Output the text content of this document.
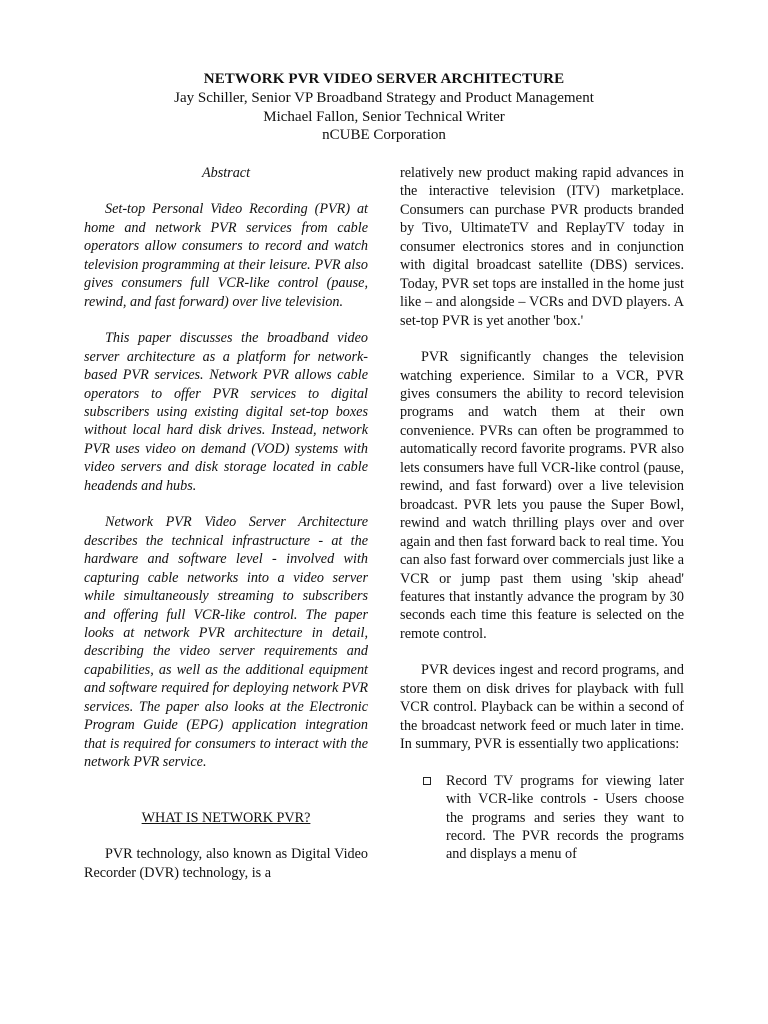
NETWORK PVR VIDEO SERVER ARCHITECTURE
Jay Schiller, Senior VP Broadband Strategy and Product Management
Michael Fallon, Senior Technical Writer
nCUBE Corporation
Abstract

Set-top Personal Video Recording (PVR) at home and network PVR services from cable operators allow consumers to record and watch television programming at their leisure. PVR also gives consumers full VCR-like control (pause, rewind, and fast forward) over live television.

This paper discusses the broadband video server architecture as a platform for network-based PVR services. Network PVR allows cable operators to offer PVR services to digital subscribers using existing digital set-top boxes without local hard disk drives. Instead, network PVR uses video on demand (VOD) systems with video servers and disk storage located in cable headends and hubs.

Network PVR Video Server Architecture describes the technical infrastructure - at the hardware and software level - involved with capturing cable networks into a video server while simultaneously streaming to subscribers and offering full VCR-like control. The paper looks at network PVR architecture in detail, describing the video server requirements and capabilities, as well as the additional equipment and software required for deploying network PVR services. The paper also looks at the Electronic Program Guide (EPG) application integration that is required for consumers to interact with the network PVR service.

WHAT IS NETWORK PVR?

PVR technology, also known as Digital Video Recorder (DVR) technology, is a

relatively new product making rapid advances in the interactive television (ITV) marketplace. Consumers can purchase PVR products branded by Tivo, UltimateTV and ReplayTV today in consumer electronics stores and in conjunction with digital broadcast satellite (DBS) services. Today, PVR set tops are installed in the home just like – and alongside – VCRs and DVD players. A set-top PVR is yet another 'box.'

PVR significantly changes the television watching experience. Similar to a VCR, PVR gives consumers the ability to record television programs and watch them at their own convenience. PVRs can often be programmed to automatically record favorite programs. PVR also lets consumers have full VCR-like control (pause, rewind, and fast forward) over a live television broadcast. PVR lets you pause the Super Bowl, rewind and watch thrilling plays over and over again and then fast forward back to real time. You can also fast forward over commercials just like a VCR or jump past them using 'skip ahead' features that instantly advance the program by 30 seconds each time this feature is selected on the remote control.

PVR devices ingest and record programs, and store them on disk drives for playback with full VCR control. Playback can be within a second of the broadcast network feed or much later in time. In summary, PVR is essentially two applications:

Record TV programs for viewing later with VCR-like controls - Users choose the programs and series they want to record. The PVR records the programs and displays a menu of
